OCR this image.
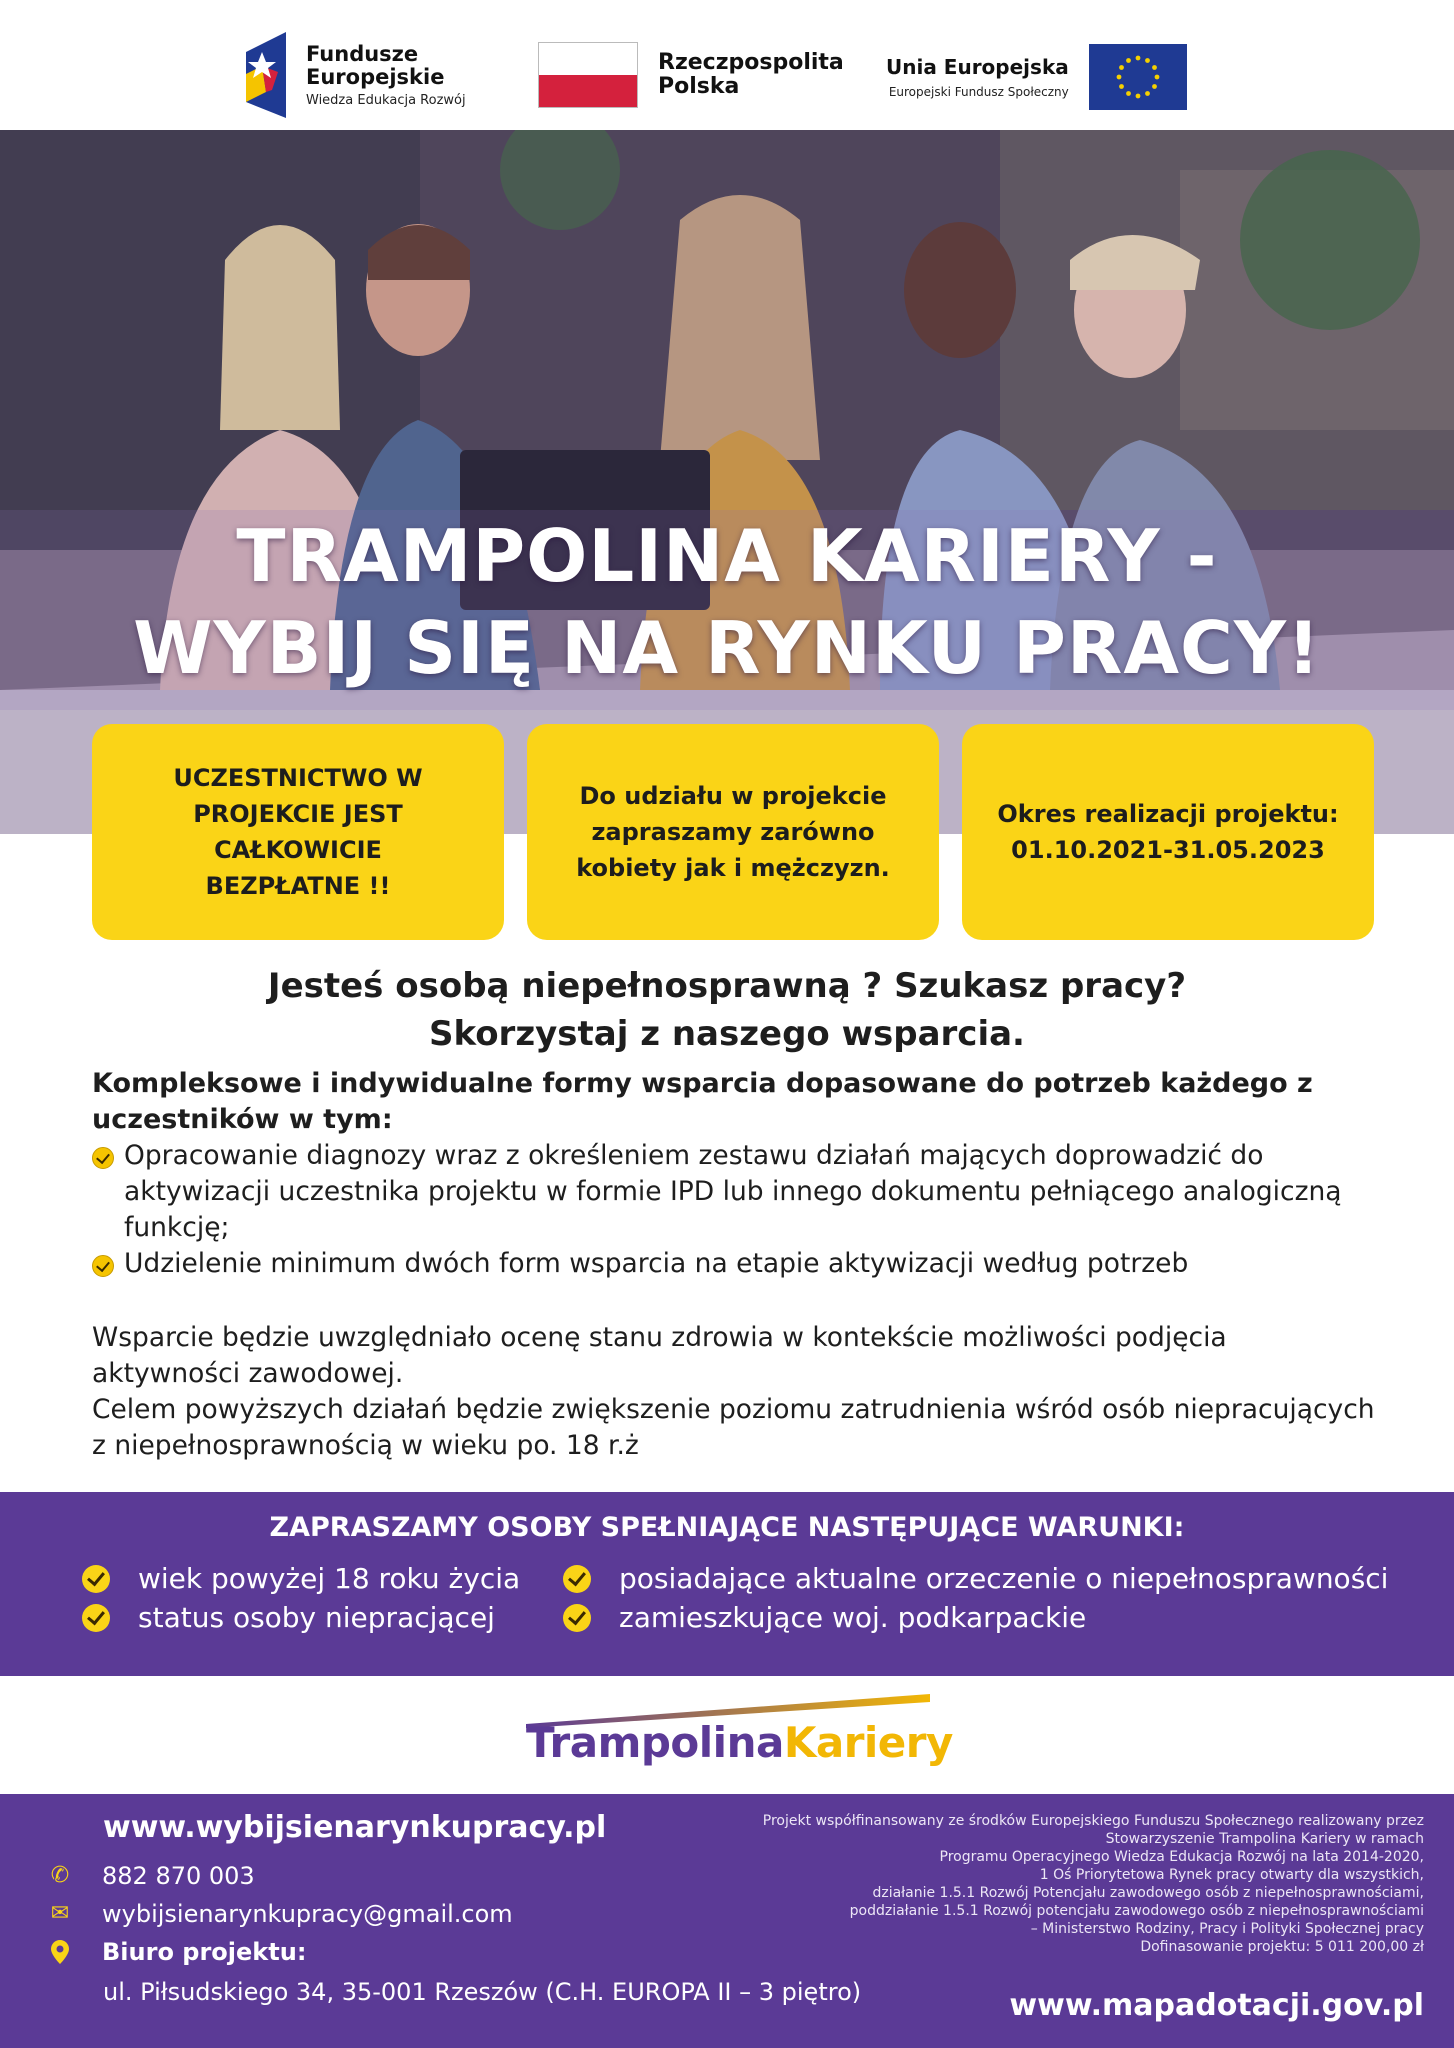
Fundusze
Europejskie
Wiedza Edukacja Rozwój
Rzeczpospolita
Polska
Unia Europejska
Europejski Fundusz Społeczny
TRAMPOLINA KARIERY -
WYBIJ SIĘ NA RYNKU PRACY!
UCZESTNICTWO W
PROJEKCIE JEST
CAŁKOWICIE
BEZPŁATNE !!
Do udziału w projekcie
zapraszamy zarówno
kobiety jak i mężczyzn.
Okres realizacji projektu:
01.10.2021-31.05.2023
Jesteś osobą niepełnosprawną ? Szukasz pracy?
Skorzystaj z naszego wsparcia.
Kompleksowe i indywidualne formy wsparcia dopasowane do potrzeb każdego z uczestników w tym:
Opracowanie diagnozy wraz z określeniem zestawu działań mających doprowadzić do aktywizacji uczestnika projektu w formie IPD lub innego dokumentu pełniącego analogiczną funkcję;
Udzielenie minimum dwóch form wsparcia na etapie aktywizacji według potrzeb
Wsparcie będzie uwzględniało ocenę stanu zdrowia w kontekście możliwości podjęcia aktywności zawodowej.
Celem powyższych działań będzie zwiększenie poziomu zatrudnienia wśród osób niepracujących z niepełnosprawnością w wieku po. 18 r.ż
ZAPRASZAMY OSOBY SPEŁNIAJĄCE NASTĘPUJĄCE WARUNKI:
wiek powyżej 18 roku życia
status osoby niepracjącej
posiadające aktualne orzeczenie o niepełnosprawności
zamieszkujące woj. podkarpackie
TrampolinaKariery
www.wybijsienarynkupracy.pl
✆ 882 870 003
✉ wybijsienarynkupracy@gmail.com
Biuro projektu:
ul. Piłsudskiego 34, 35-001 Rzeszów (C.H. EUROPA II – 3 piętro)
Projekt współfinansowany ze środków Europejskiego Funduszu Społecznego realizowany przez
Stowarzyszenie Trampolina Kariery w ramach
Programu Operacyjnego Wiedza Edukacja Rozwój na lata 2014-2020,
1 Oś Priorytetowa Rynek pracy otwarty dla wszystkich,
działanie 1.5.1 Rozwój Potencjału zawodowego osób z niepełnosprawnościami,
poddziałanie 1.5.1 Rozwój potencjału zawodowego osób z niepełnosprawnościami
– Ministerstwo Rodziny, Pracy i Polityki Społecznej pracy
Dofinasowanie projektu: 5 011 200,00 zł
www.mapadotacji.gov.pl
